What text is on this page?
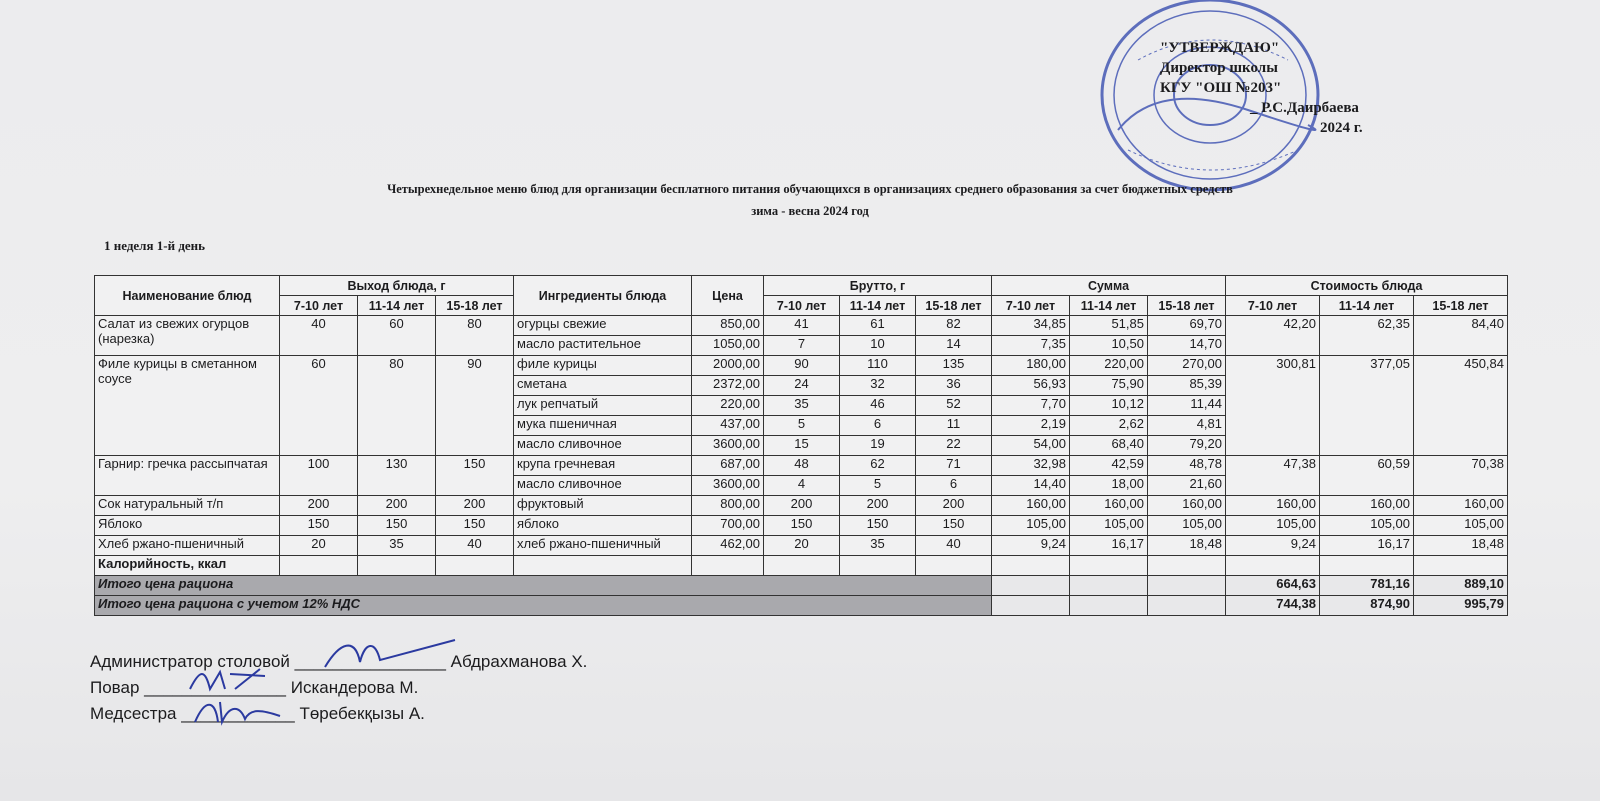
"УТВЕРЖДАЮ"
Директор школы
КГУ "ОШ №203"
_ Р.С.Даирбаева
2024 г.
Четырехнедельное меню блюд для организации бесплатного питания обучающихся в организациях среднего образования за счет бюджетных средств
зима - весна 2024 год
1 неделя 1-й день
Наименование блюд	Выход блюда, г			Ингредиенты блюда	Цена	Брутто, г			Сумма			Стоимость блюда		
	7-10 лет	11-14 лет	15-18 лет			7-10 лет	11-14 лет	15-18 лет	7-10 лет	11-14 лет	15-18 лет	7-10 лет	11-14 лет	15-18 лет
Салат из свежих огурцов (нарезка)	40	60	80	огурцы свежие	850,00	41	61	82	34,85	51,85	69,70	42,20	62,35	84,40
				масло растительное	1050,00	7	10	14	7,35	10,50	14,70			
Филе курицы в сметанном соусе	60	80	90	филе курицы	2000,00	90	110	135	180,00	220,00	270,00	300,81	377,05	450,84
				сметана	2372,00	24	32	36	56,93	75,90	85,39			
				лук репчатый	220,00	35	46	52	7,70	10,12	11,44			
				мука пшеничная	437,00	5	6	11	2,19	2,62	4,81			
				масло сливочное	3600,00	15	19	22	54,00	68,40	79,20			
Гарнир: гречка рассыпчатая	100	130	150	крупа гречневая	687,00	48	62	71	32,98	42,59	48,78	47,38	60,59	70,38
				масло сливочное	3600,00	4	5	6	14,40	18,00	21,60			
Сок натуральный т/п	200	200	200	фруктовый	800,00	200	200	200	160,00	160,00	160,00	160,00	160,00	160,00
Яблоко	150	150	150	яблоко	700,00	150	150	150	105,00	105,00	105,00	105,00	105,00	105,00
Хлеб ржано-пшеничный	20	35	40	хлеб ржано-пшеничный	462,00	20	35	40	9,24	16,17	18,48	9,24	16,17	18,48
Калорийность, ккал														
Итого цена рациона												664,63	781,16	889,10
Итого цена рациона с учетом 12% НДС												744,38	874,90	995,79
Администратор столовой ________________ Абдрахманова Х.
Повар _______________ Искандерова М.
Медсестра ____________ Төребекқызы А.
